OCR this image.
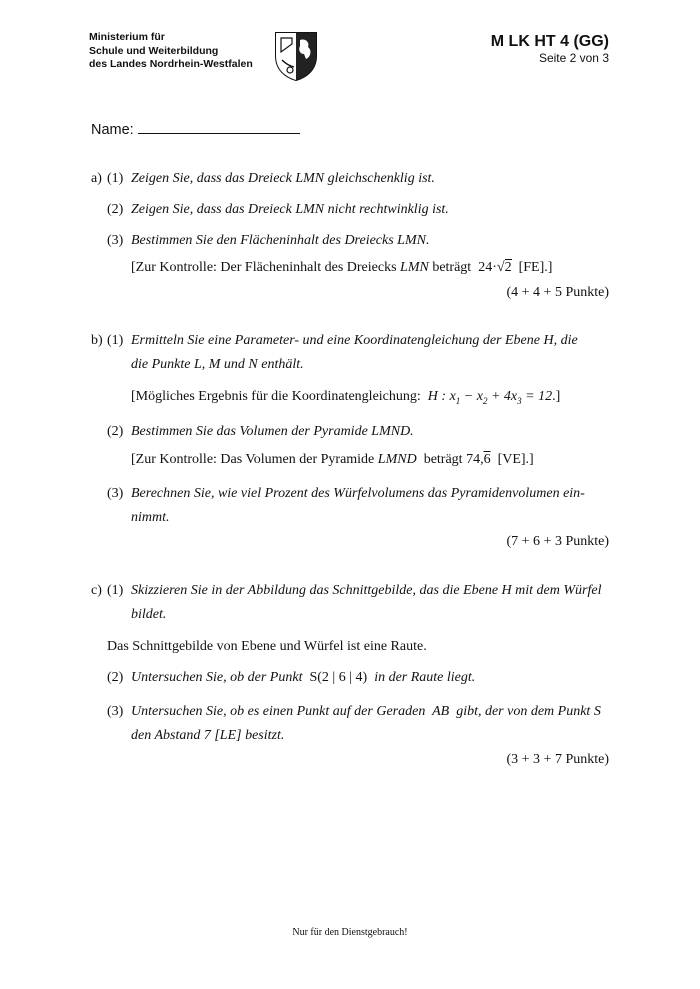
Ministerium für
Schule und Weiterbildung
des Landes Nordrhein-Westfalen
M LK HT 4 (GG)
Seite 2 von 3
Name:
a) (1) Zeigen Sie, dass das Dreieck LMN gleichschenklig ist.
(2) Zeigen Sie, dass das Dreieck LMN nicht rechtwinklig ist.
(3) Bestimmen Sie den Flächeninhalt des Dreiecks LMN.
[Zur Kontrolle: Der Flächeninhalt des Dreiecks LMN beträgt 24·√2 [FE].]
(4 + 4 + 5 Punkte)
b) (1) Ermitteln Sie eine Parameter- und eine Koordinatengleichung der Ebene H, die
die Punkte L, M und N enthält.
[Mögliches Ergebnis für die Koordinatengleichung:  H : $x_1 - x_2 + 4x_3 = 12$.]
(2) Bestimmen Sie das Volumen der Pyramide LMND.
[Zur Kontrolle: Das Volumen der Pyramide LMND beträgt 74,6 [VE].]
(3) Berechnen Sie, wie viel Prozent des Würfelvolumens das Pyramidenvolumen ein-
nimmt.
(7 + 6 + 3 Punkte)
c) (1) Skizzieren Sie in der Abbildung das Schnittgebilde, das die Ebene H mit dem Würfel
bildet.
Das Schnittgebilde von Ebene und Würfel ist eine Raute.
(2) Untersuchen Sie, ob der Punkt S(2 | 6 | 4) in der Raute liegt.
(3) Untersuchen Sie, ob es einen Punkt auf der Geraden AB gibt, der von dem Punkt S
den Abstand 7 [LE] besitzt.
(3 + 3 + 7 Punkte)
Nur für den Dienstgebrauch!
